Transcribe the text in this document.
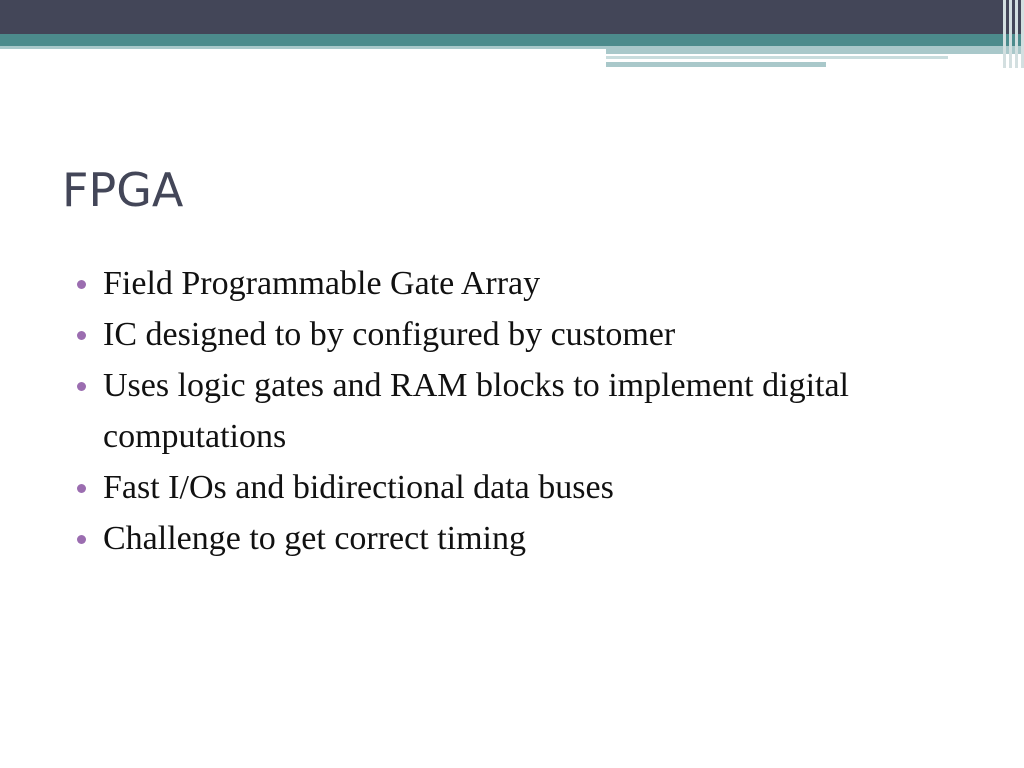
FPGA
Field Programmable Gate Array
IC designed to by configured by customer
Uses logic gates and RAM blocks to implement digital computations
Fast I/Os and bidirectional data buses
Challenge to get correct timing
